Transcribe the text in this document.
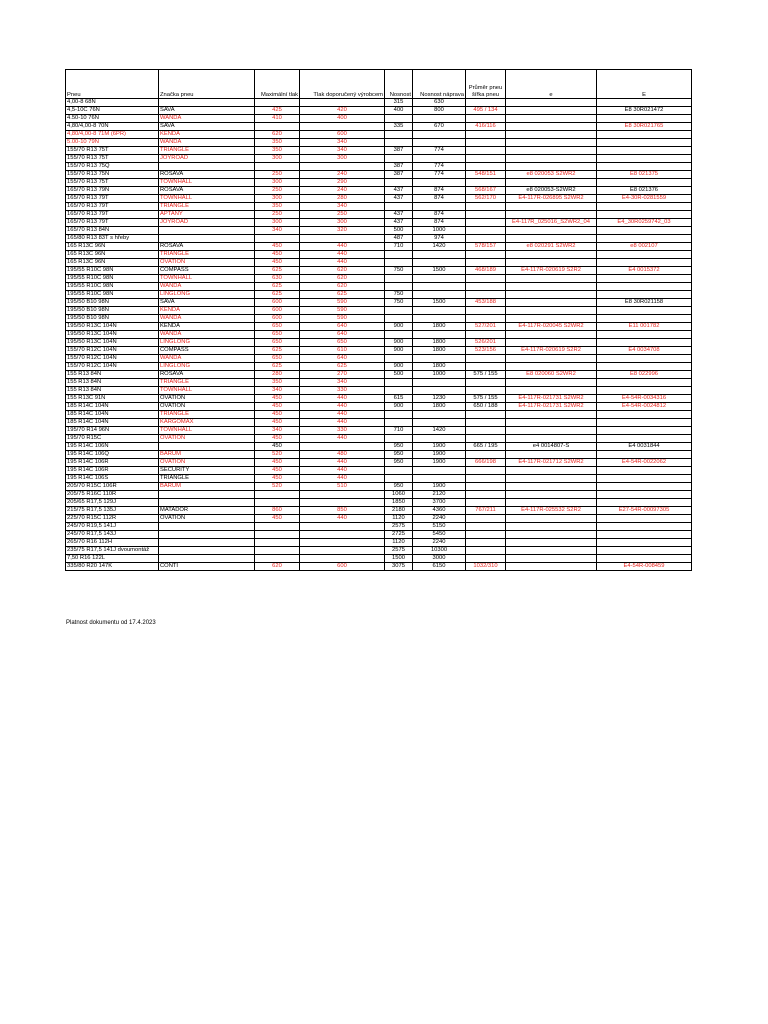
Pneu	Značka pneu	Maximální tlak	Tlak doporučený výrobcem	Nosnost	Nosnost náprava	Průměr pneu šířka pneu	e	E
4,00-8 68N				315	630			
4,5-10C 76N	SAVA	425	420	400	800	495 / 134		E8 30R021472
4.50-10 76N	WANDA	410	400					
4,80/4,00-8 70N	SAVA			335	670	416/116		E8 30R021765
4,80/4,00-8 71M (6PR)	KENDA	620	600					
5.00-10 79N	WANDA	350	340					
155/70 R13 75T	TRIANGLE	350	340	387	774			
155/70 R13 75T	JOYROAD	300	300					
155/70 R13 75Q				387	774			
155/70 R13 75N	ROSAVA	250	240	387	774	548/151	e8 020053 S2WR2	E8 021375
155/70 R13 75T	TOWNHALL	300	290					
165/70 R13 79N	ROSAVA	250	240	437	874	568/167	e8 020053-S2WR2	E8 021376
165/70 R13 79T	TOWNHALL	300	280	437	874	562/170	E4-117R-026895 S2WR2	E4-30R-0281559
165/70 R13 79T	TRIANGLE	350	340					
165/70 R13 79T	APTANY	250	250	437	874			
165/70 R13 79T	JOYROAD	300	300	437	874		E4-117R_025016_S2WR2_04	E4_30R0259742_03
165/70 R13 84N		340	320	500	1000			
165/80 R13 83T s hřeby				487	974			
165 R13C 96N	ROSAVA	450	440	710	1420	578/157	e8 020291 S2WR2	e8 002107
165 R13C 96N	TRIANGLE	450	440					
165 R13C 96N	OVATION	450	440					
195/55 R10C 98N	COMPASS	625	620	750	1500	468/189	E4-117R-020619 S2R2	E4 0015372
195/55 R10C 98N	TOWNHALL	630	620					
195/55 R10C 98N	WANDA	625	620					
195/55 R10C 98N	LINGLONG	625	625	750				
195/50 B10 98N	SAVA	600	590	750	1500	453/188		E8 30R021158
195/50 B10 98N	KENDA	600	590					
195/50 B10 98N	WANDA	600	590					
195/50 R13C 104N	KENDA	650	640	900	1800	527/201	E4-117R-020045 S2WR2	E11 001782
195/50 R13C 104N	WANDA	650	640					
195/50 R13C 104N	LINGLONG	650	650	900	1800	526/201		
155/70 R12C 104N	COMPASS	625	610	900	1800	523/156	E4-117R-020619 S2R2	E4 0034708
155/70 R12C 104N	WANDA	650	640					
155/70 R12C 104N	LINGLONG	625	625	900	1800			
155 R13 84N	ROSAVA	280	270	500	1000	575 / 155	E8 020060 S2WR2	E8 022996
155 R13 84N	TRIANGLE	350	340					
155 R13 84N	TOWNHALL	340	330					
155 R13C 91N	OVATION	450	440	615	1230	575 / 155	E4-117R-021731 S2WR2	E4-54R-0034316
185 R14C 104N	OVATION	450	440	900	1800	650 / 188	E4-117R-021731 S2WR2	E4-54R-0024812
185 R14C 104N	TRIANGLE	450	440					
185 R14C 104N	KARGOMAX	450	440					
195/70 R14 96N	TOWNHALL	340	330	710	1420			
195/70 R15C	OVATION	450	440					
195 R14C 106N		450		950	1900	665 / 195	e4 0014807-S	E4 0031844
195 R14C 106Q	BARUM	520	480	950	1900			
195 R14C 106R	OVATION	450	440	950	1900	666/198	E4-117R-021712 S2WR2	E4-54R-0022062
195 R14C 106R	SECURITY	450	440					
195 R14C 106S	TRIANGLE	450	440					
205/70 R15C 106R	BARUM	520	510	950	1900			
205/75 R16C 110R				1060	2120			
205/65 R17,5 129J				1850	3700			
215/75 R17,5 135J	MATADOR	860	850	2180	4360	767/211	E4-117R-025532 S2R2	E27-54R-00097305
225/70 R15C 112R	OVATION	450	440	1120	2240			
245/70 R19,5 141J				2575	5150			
245/70 R17,5 143J				2725	5450			
265/70 R16 112H				1120	2240			
235/75 R17,5 141J dvoumontáž				2575	10300			
7,50 R16 122L				1500	3000			
335/80 R20 147K	CONTI	620	600	3075	6150	1032/310		E4-54R-008459
Platnost dokumentu od 17.4.2023
